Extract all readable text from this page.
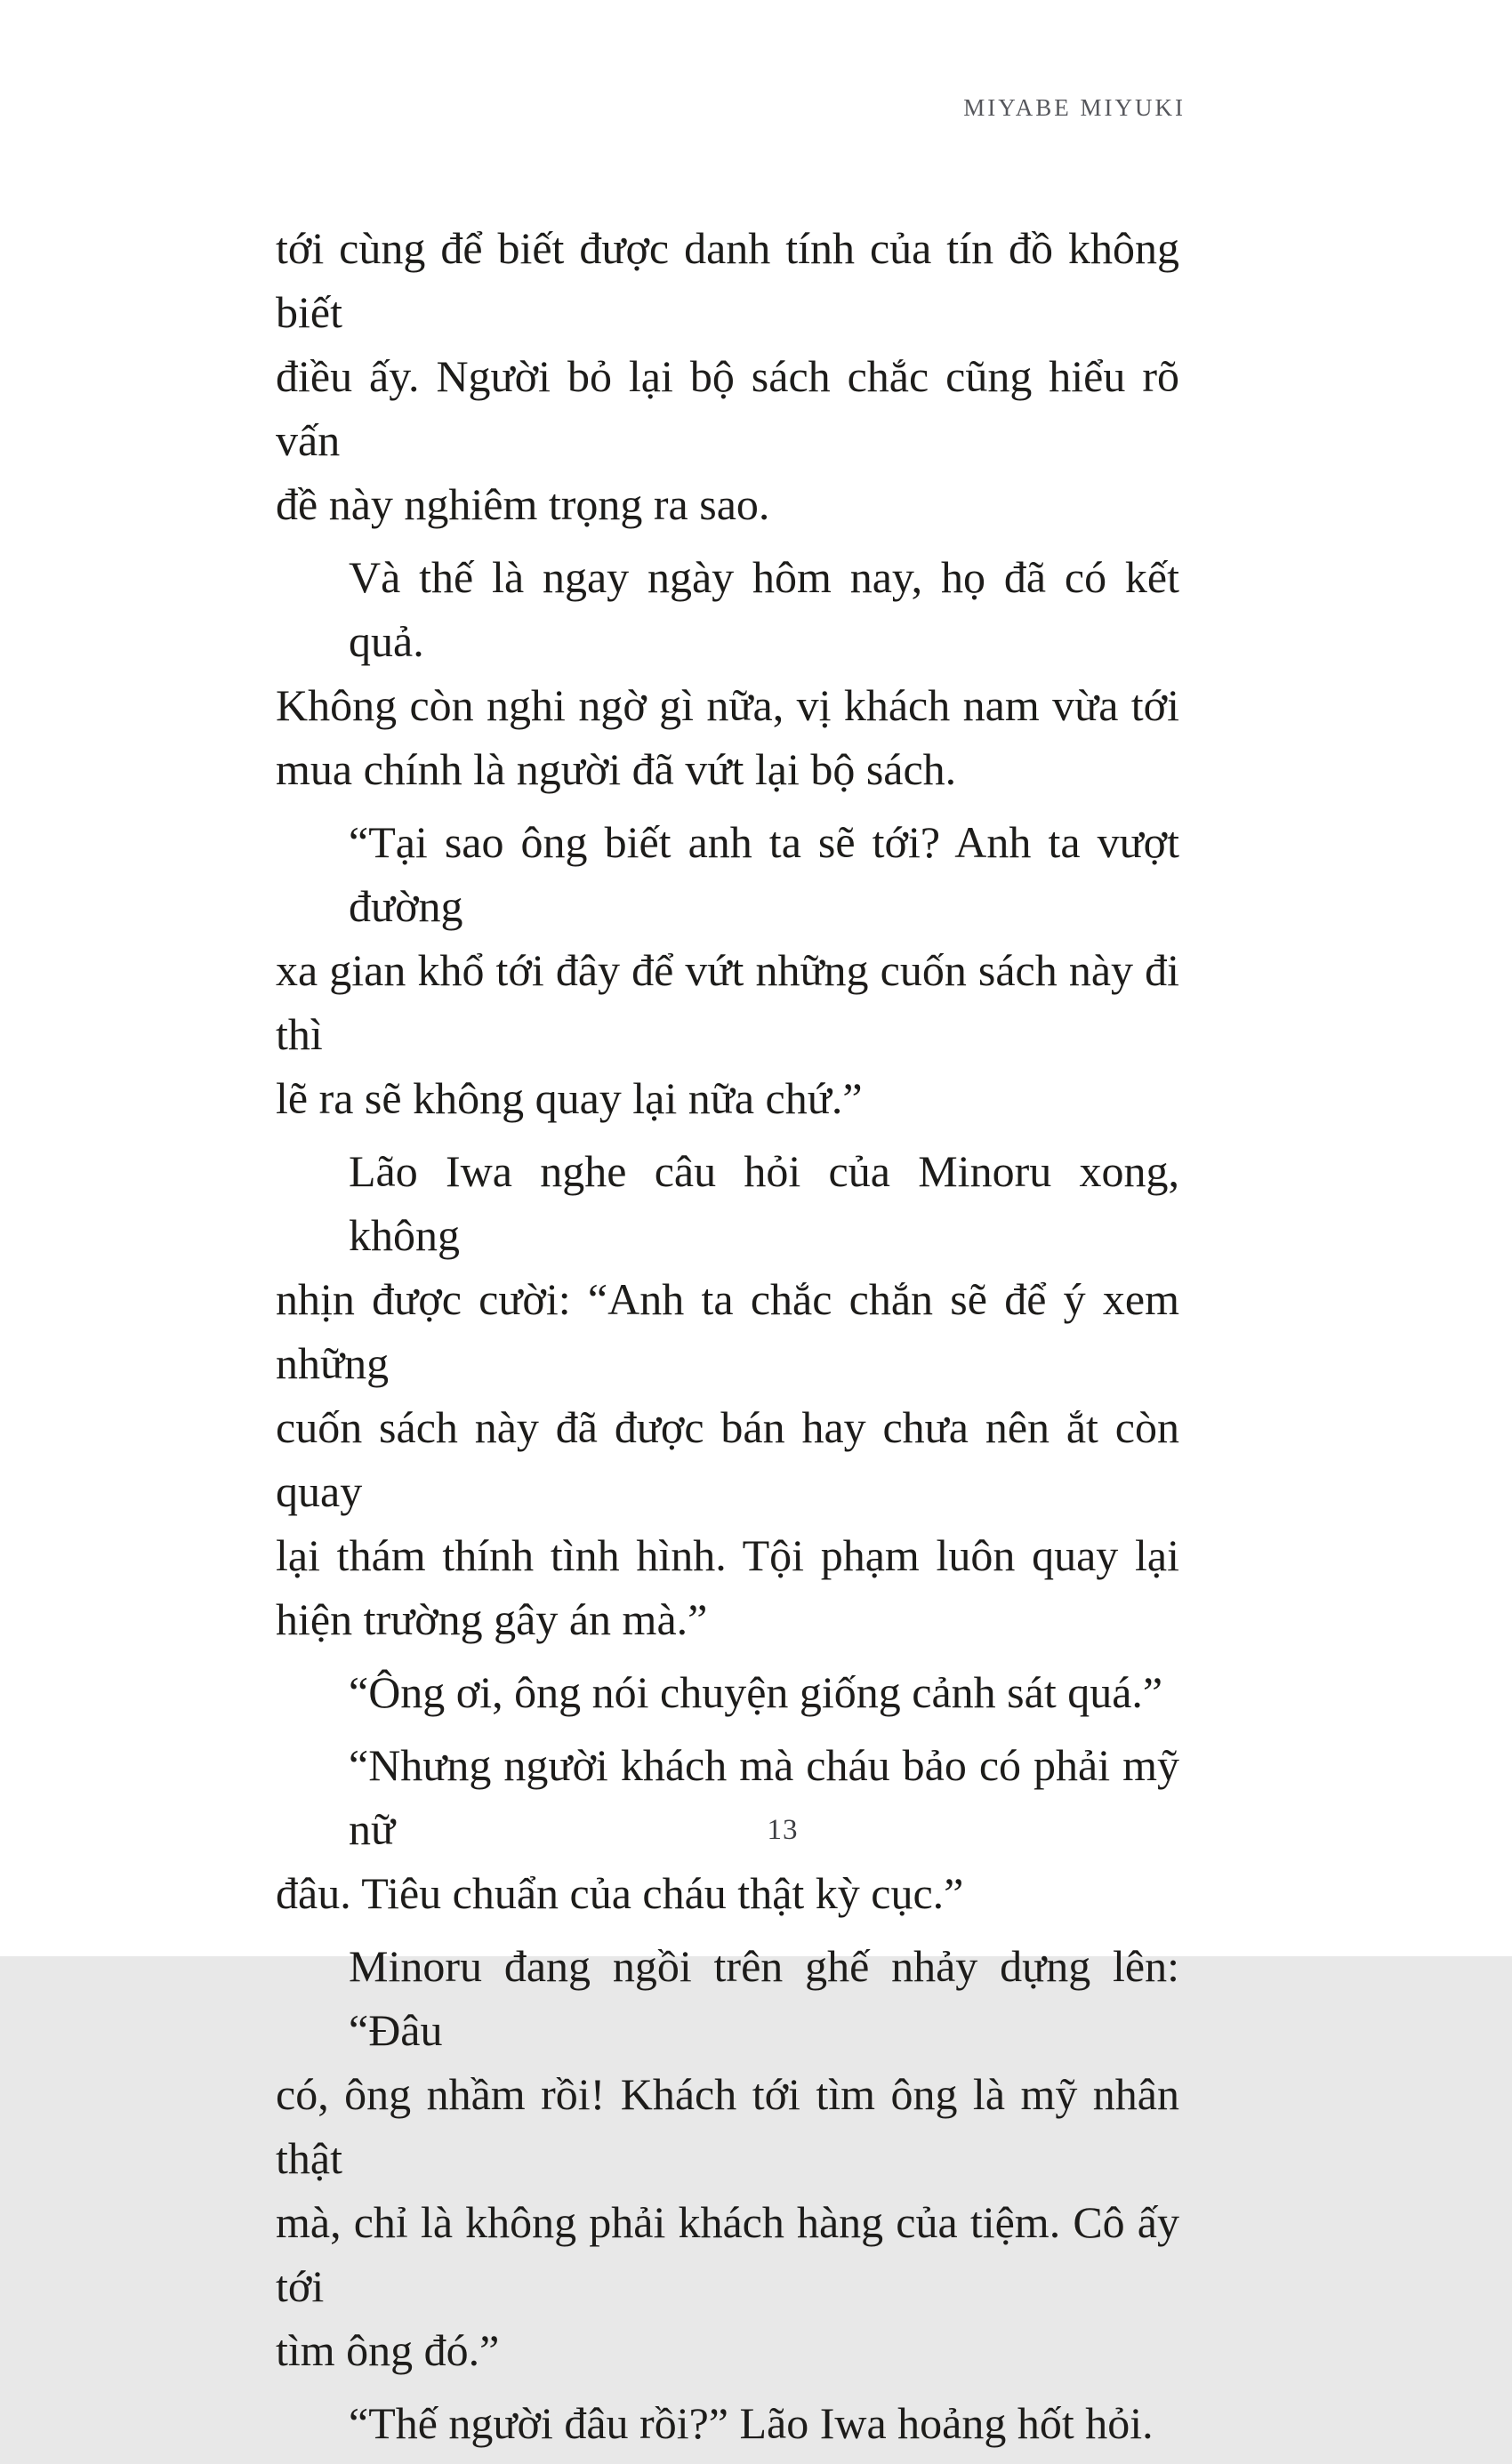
MIYABE MIYUKI
tới cùng để biết được danh tính của tín đồ không biết
điều ấy. Người bỏ lại bộ sách chắc cũng hiểu rõ vấn
đề này nghiêm trọng ra sao.
Và thế là ngay ngày hôm nay, họ đã có kết quả.
Không còn nghi ngờ gì nữa, vị khách nam vừa tới
mua chính là người đã vứt lại bộ sách.
“Tại sao ông biết anh ta sẽ tới? Anh ta vượt đường
xa gian khổ tới đây để vứt những cuốn sách này đi thì
lẽ ra sẽ không quay lại nữa chứ.”
Lão Iwa nghe câu hỏi của Minoru xong, không
nhịn được cười: “Anh ta chắc chắn sẽ để ý xem những
cuốn sách này đã được bán hay chưa nên ắt còn quay
lại thám thính tình hình. Tội phạm luôn quay lại
hiện trường gây án mà.”
“Ông ơi, ông nói chuyện giống cảnh sát quá.”
“Nhưng người khách mà cháu bảo có phải mỹ nữ
đâu. Tiêu chuẩn của cháu thật kỳ cục.”
Minoru đang ngồi trên ghế nhảy dựng lên: “Đâu
có, ông nhầm rồi! Khách tới tìm ông là mỹ nhân thật
mà, chỉ là không phải khách hàng của tiệm. Cô ấy tới
tìm ông đó.”
“Thế người đâu rồi?” Lão Iwa hoảng hốt hỏi.
13
